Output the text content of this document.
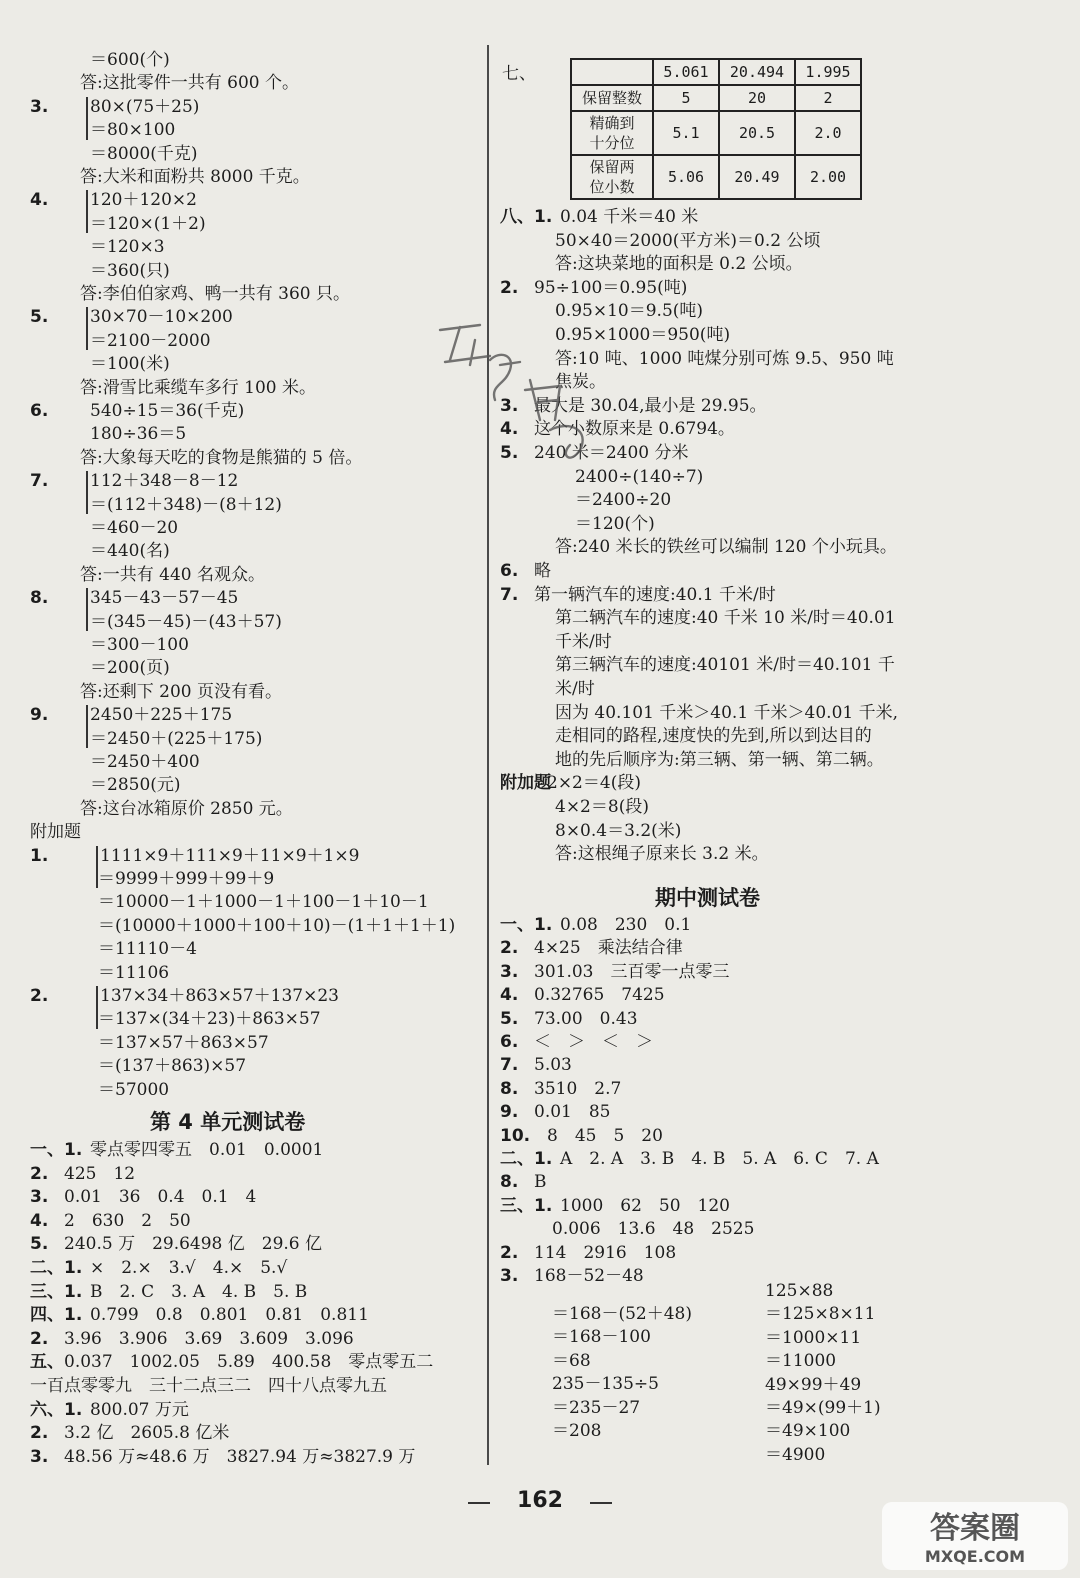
＝600(个)
答:这批零件一共有 600 个。
3. 80×(75＋25)
＝80×100
＝8000(千克)
答:大米和面粉共 8000 千克。
4. 120＋120×2
＝120×(1＋2)
＝120×3
＝360(只)
答:李伯伯家鸡、鸭一共有 360 只。
5. 30×70－10×200
＝2100－2000
＝100(米)
答:滑雪比乘缆车多行 100 米。
6. 540÷15＝36(千克)
180÷36＝5
答:大象每天吃的食物是熊猫的 5 倍。
7. 112＋348－8－12
＝(112＋348)－(8＋12)
＝460－20
＝440(名)
答:一共有 440 名观众。
8. 345－43－57－45
＝(345－45)－(43＋57)
＝300－100
＝200(页)
答:还剩下 200 页没有看。
9. 2450＋225＋175
＝2450＋(225＋175)
＝2450＋400
＝2850(元)
答:这台冰箱原价 2850 元。
附加题
1.	1111×9＋111×9＋11×9＋1×9
＝9999＋999＋99＋9
＝10000－1＋1000－1＋100－1＋10－1
＝(10000＋1000＋100＋10)－(1＋1＋1＋1)
＝11110－4
＝11106
2.	137×34＋863×57＋137×23
＝137×(34＋23)＋863×57
＝137×57＋863×57
＝(137＋863)×57
＝57000
一、1. 零点零四零五　0.01　0.0001
2. 425　12
3. 0.01　36　0.4　0.1　4
4. 2　630　2　50
5. 240.5 万　29.6498 亿　29.6 亿
二、1. ×　2.×　3.√　4.×　5.√
三、1. B　2. C　3. A　4. B　5. B
四、1. 0.799　0.8　0.801　0.81　0.811
2. 3.96　3.906　3.69　3.609　3.096
五、 0.037　1002.05　5.89　400.58　零点零五二
一百点零零九　三十二点三二　四十八点零九五
六、1. 800.07 万元
2. 3.2 亿　2605.8 亿米
3. 48.56 万≈48.6 万　3827.94 万≈3827.9 万
八、1. 0.04 千米＝40 米
50×40＝2000(平方米)＝0.2 公顷
答:这块菜地的面积是 0.2 公顷。
2. 95÷100＝0.95(吨)
0.95×10＝9.5(吨)
0.95×1000＝950(吨)
答:10 吨、1000 吨煤分别可炼 9.5、950 吨
焦炭。
3. 最大是 30.04,最小是 29.95。
4. 这个小数原来是 0.6794。
5. 240 米＝2400 分米
2400÷(140÷7)
＝2400÷20
＝120(个)
答:240 米长的铁丝可以编制 120 个小玩具。
6. 略
7. 第一辆汽车的速度:40.1 千米/时
第二辆汽车的速度:40 千米 10 米/时＝40.01
千米/时
第三辆汽车的速度:40101 米/时＝40.101 千
米/时
因为 40.101 千米＞40.1 千米＞40.01 千米,
走相同的路程,速度快的先到,所以到达目的
地的先后顺序为:第三辆、第一辆、第二辆。
附加题
2×2＝4(段)
4×2＝8(段)
8×0.4＝3.2(米)
答:这根绳子原来长 3.2 米。
一、1. 0.08　230　0.1
2. 4×25　乘法结合律
3. 301.03　三百零一点零三
4. 0.32765　7425
5. 73.00　0.43
6. ＜　＞　＜　＞
7. 5.03
8. 3510　2.7
9. 0.01　85
10. 8　45　5　20
二、1. A　2. A　3. B　4. B　5. A　6. C　7. A
8. B
三、1. 1000　62　50　120
0.006　13.6　48　2525
2. 114　2916　108
3. 168－52－48
＝168－(52＋48)
＝168－100
＝68
235－135÷5
＝235－27
＝208
125×88
＝125×8×11
＝1000×11
＝11000
49×99＋49
＝49×(99＋1)
＝49×100
＝4900
第 4 单元测试卷
期中测试卷
七、
		5.061	20.494	1.995
保留整数	5	20	2
精确到
十分位	5.1	20.5	2.0
保留两
位小数	5.06	20.49	2.00
162
答案圈
MXQE.COM
